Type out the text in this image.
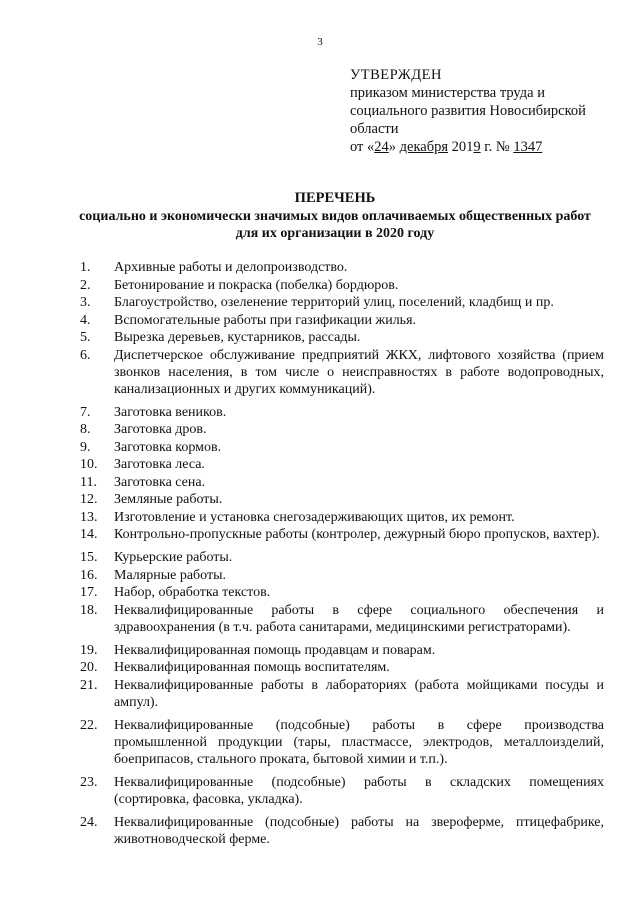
3
УТВЕРЖДЕН
приказом министерства труда и
социального развития Новосибирской
области
от «24» декабря 2019 г. № 1347
ПЕРЕЧЕНЬ
социально и экономически значимых видов оплачиваемых общественных работ для их организации в 2020 году
1. Архивные работы и делопроизводство.
2. Бетонирование и покраска (побелка) бордюров.
3. Благоустройство, озеленение территорий улиц, поселений, кладбищ и пр.
4. Вспомогательные работы при газификации жилья.
5. Вырезка деревьев, кустарников, рассады.
6. Диспетчерское обслуживание предприятий ЖКХ, лифтового хозяйства (прием звонков населения, в том числе о неисправностях в работе водопроводных, канализационных и других коммуникаций).
7. Заготовка веников.
8. Заготовка дров.
9. Заготовка кормов.
10. Заготовка леса.
11. Заготовка сена.
12. Земляные работы.
13. Изготовление и установка снегозадерживающих щитов, их ремонт.
14. Контрольно-пропускные работы (контролер, дежурный бюро пропусков, вахтер).
15. Курьерские работы.
16. Малярные работы.
17. Набор, обработка текстов.
18. Неквалифицированные работы в сфере социального обеспечения и здравоохранения (в т.ч. работа санитарами, медицинскими регистраторами).
19. Неквалифицированная помощь продавцам и поварам.
20. Неквалифицированная помощь воспитателям.
21. Неквалифицированные работы в лабораториях (работа мойщиками посуды и ампул).
22. Неквалифицированные (подсобные) работы в сфере производства промышленной продукции (тары, пластмассе, электродов, металлоизделий, боеприпасов, стального проката, бытовой химии и т.п.).
23. Неквалифицированные (подсобные) работы в складских помещениях (сортировка, фасовка, укладка).
24. Неквалифицированные (подсобные) работы на звероферме, птицефабрике, животноводческой ферме.
